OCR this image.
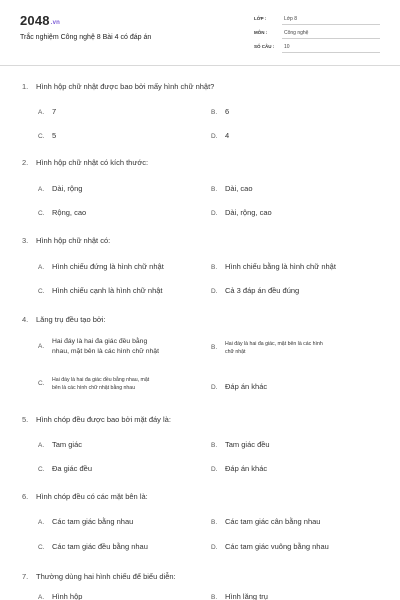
2048.vn
Trắc nghiệm Công nghệ 8 Bài 4 có đáp án
LỚP :	Lớp 8
MÔN :	Công nghệ
SỐ CÂU : 10
1. Hình hộp chữ nhật được bao bởi mấy hình chữ nhật?
A. 7	B. 6
C. 5	D. 4
2. Hình hộp chữ nhật có kích thước:
A. Dài, rộng	B. Dài, cao
C. Rộng, cao	D. Dài, rộng, cao
3. Hình hộp chữ nhật có:
A. Hình chiếu đứng là hình chữ nhật	B. Hình chiếu bằng là hình chữ nhật
C. Hình chiếu cạnh là hình chữ nhật	D. Cả 3 đáp án đều đúng
4. Lăng trụ đều tạo bởi:
A.
Hai đáy là hai đa giác đều bằng
nhau, mặt bên là các hình chữ nhật
B. Hai đáy là hai đa giác, mặt bên là các hình
chữ nhật
C. Hai đáy là hai đa giác đều bằng nhau, mặt
bên là các hình chữ nhật bằng nhau	D. Đáp án khác
5. Hình chóp đều được bao bởi mặt đáy là:
A. Tam giác	B. Tam giác đều
C. Đa giác đều	D. Đáp án khác
6. Hình chóp đều có các mặt bên là:
A. Các tam giác bằng nhau	B. Các tam giác cân bằng nhau
C. Các tam giác đều bằng nhau	D. Các tam giác vuông bằng nhau
7. Thường dùng hai hình chiếu để biểu diễn:
A. Hình hộp	B. Hình lăng trụ
